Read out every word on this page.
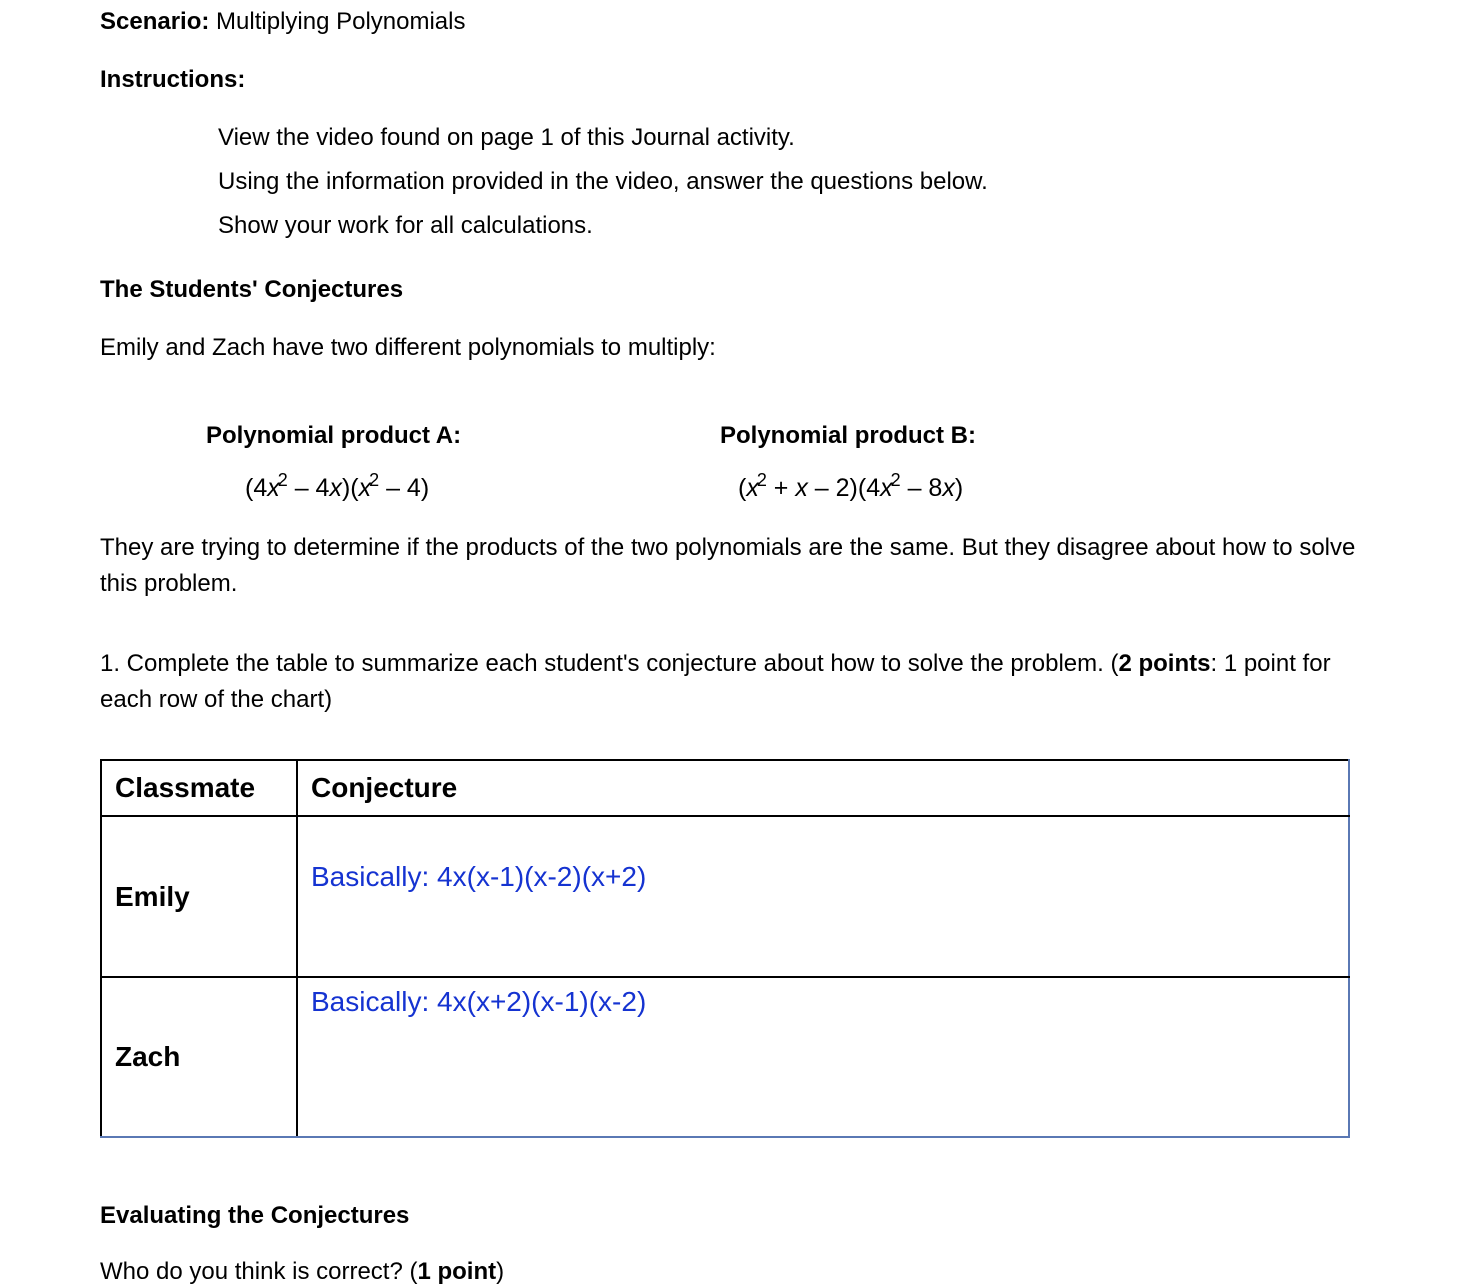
Scenario: Multiplying Polynomials
Instructions:
View the video found on page 1 of this Journal activity.
Using the information provided in the video, answer the questions below.
Show your work for all calculations.
The Students' Conjectures
Emily and Zach have two different polynomials to multiply:
Polynomial product A:
$(4x^2 - 4x)(x^2 - 4)$
Polynomial product B:
$(x^2 + x - 2)(4x^2 - 8x)$
They are trying to determine if the products of the two polynomials are the same. But they disagree about how to solve this problem.
1. Complete the table to summarize each student's conjecture about how to solve the problem. (2 points: 1 point for each row of the chart)
Classmate	Conjecture
Emily	Basically: 4x(x-1)(x-2)(x+2)
Zach	Basically: 4x(x+2)(x-1)(x-2)
Evaluating the Conjectures
Who do you think is correct? (1 point)
